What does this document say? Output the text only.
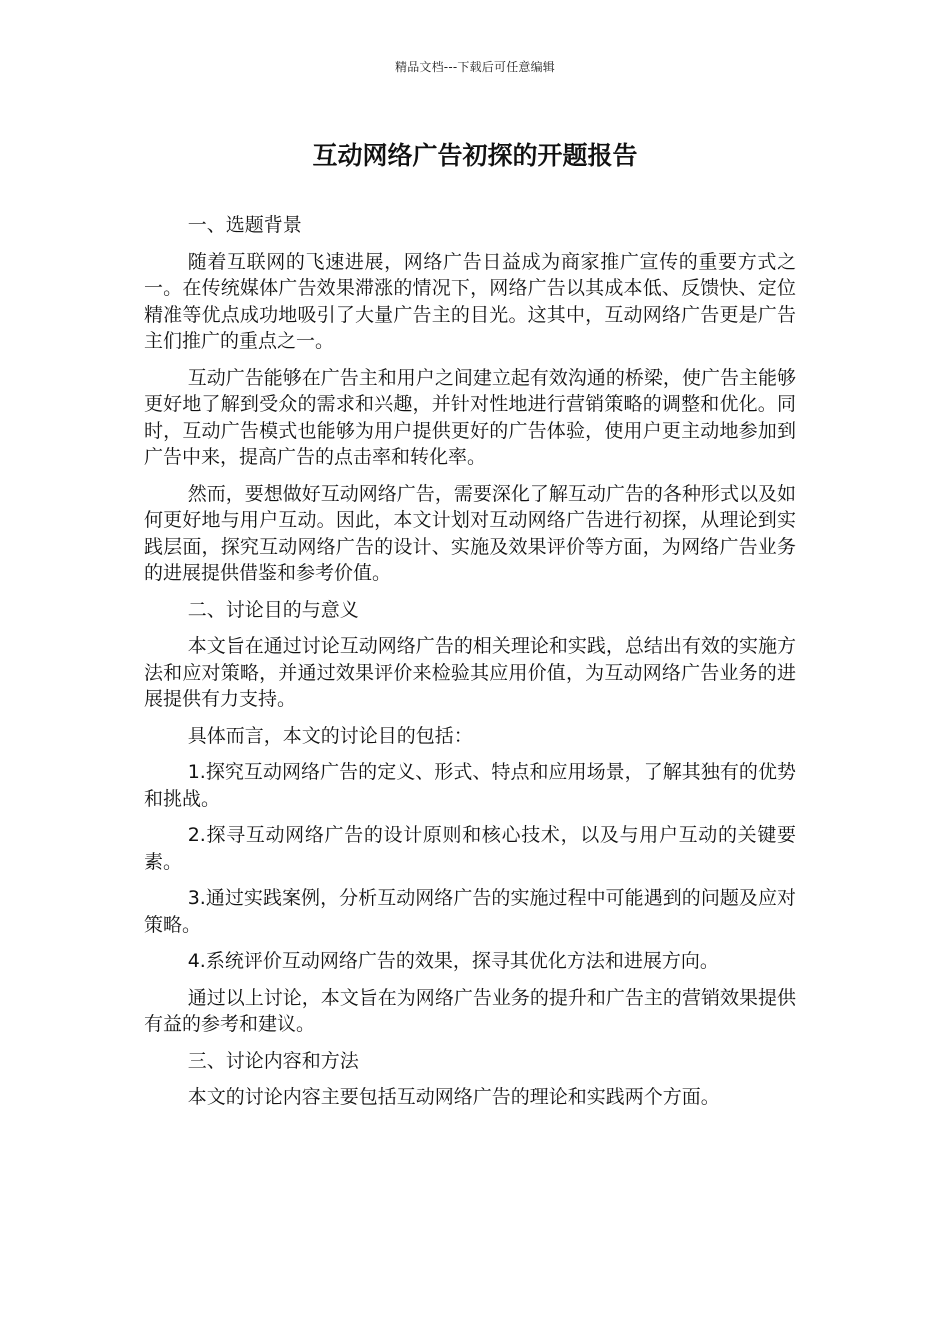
精品文档---下载后可任意编辑
互动网络广告初探的开题报告
一、选题背景

随着互联网的飞速进展，网络广告日益成为商家推广宣传的重要方式之一。在传统媒体广告效果滞涨的情况下，网络广告以其成本低、反馈快、定位精准等优点成功地吸引了大量广告主的目光。这其中，互动网络广告更是广告主们推广的重点之一。

互动广告能够在广告主和用户之间建立起有效沟通的桥梁，使广告主能够更好地了解到受众的需求和兴趣，并针对性地进行营销策略的调整和优化。同时，互动广告模式也能够为用户提供更好的广告体验，使用户更主动地参加到广告中来，提高广告的点击率和转化率。

然而，要想做好互动网络广告，需要深化了解互动广告的各种形式以及如何更好地与用户互动。因此，本文计划对互动网络广告进行初探，从理论到实践层面，探究互动网络广告的设计、实施及效果评价等方面，为网络广告业务的进展提供借鉴和参考价值。

二、讨论目的与意义

本文旨在通过讨论互动网络广告的相关理论和实践，总结出有效的实施方法和应对策略，并通过效果评价来检验其应用价值，为互动网络广告业务的进展提供有力支持。

具体而言，本文的讨论目的包括：

1.探究互动网络广告的定义、形式、特点和应用场景，了解其独有的优势和挑战。

2.探寻互动网络广告的设计原则和核心技术，以及与用户互动的关键要素。

3.通过实践案例，分析互动网络广告的实施过程中可能遇到的问题及应对策略。

4.系统评价互动网络广告的效果，探寻其优化方法和进展方向。

通过以上讨论，本文旨在为网络广告业务的提升和广告主的营销效果提供有益的参考和建议。

三、讨论内容和方法

本文的讨论内容主要包括互动网络广告的理论和实践两个方面。
